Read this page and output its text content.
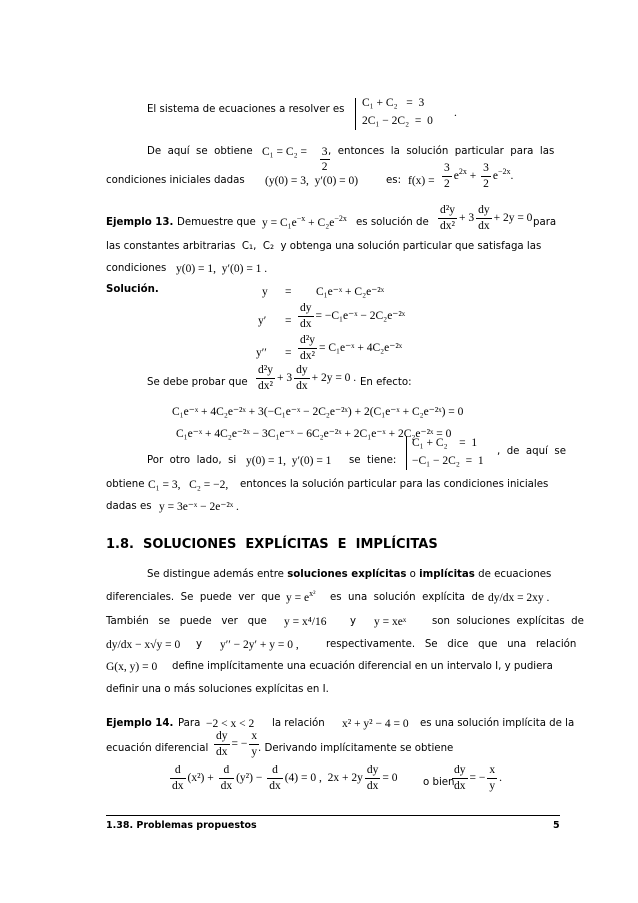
El sistema de ecuaciones a resolver es
C₁ + C₂   =  3
2C₁ − 2C₂  =  0
.
De  aquí  se  obtiene C₁ = C₂ =

$\frac{3}{2}$

,  entonces  la  solución  particular  para  las
condiciones iniciales dadas (y(0) = 3,  y′(0) = 0)	es: $f(x) = \frac{3}{2} e^{2x} + \frac{3}{2} e^{-2x}$.
Ejemplo 13. Demuestre que $y = C_1e^{-x} + C_2e^{-2x}$ es solución de $\frac{\text{d²y}}{\text{dx²}} + 3 \frac{dy}{dx} + 2y = 0$ para
las constantes arbitrarias  C₁,  C₂  y obtenga una solución particular que satisfaga las
condiciones y(0) = 1,  y′(0) = 1 .
Solución.	y = C₁e⁻ˣ + C₂e⁻²ˣ
$y' = \frac{dy}{dx}$ = −C₁e⁻ˣ − 2C₂e⁻²ˣ
$y'' = \frac{\text{d²y}}{\text{dx²}}$ = C₁e⁻ˣ + 4C₂e⁻²ˣ
Se debe probar que $\frac{\text{d²y}}{\text{dx²}} + 3 \frac{dy}{dx} + 2y = 0$ . En efecto:
C₁e⁻ˣ + 4C₂e⁻²ˣ + 3(−C₁e⁻ˣ − 2C₂e⁻²ˣ) + 2(C₁e⁻ˣ + C₂e⁻²ˣ) = 0
C₁e⁻ˣ + 4C₂e⁻²ˣ − 3C₁e⁻ˣ − 6C₂e⁻²ˣ + 2C₁e⁻ˣ + 2C₂e⁻²ˣ = 0
Por  otro  lado,  si y(0) = 1,  y′(0) = 1 se  tiene:
C₁ + C₂    =  1
−C₁ − 2C₂  =  1
,  de  aquí  se
obtiene C₁ = 3,   C₂ = −2, entonces la solución particular para las condiciones iniciales
dadas es y = 3e⁻ˣ − 2e⁻²ˣ .
1.8.  SOLUCIONES  EXPLÍCITAS  E  IMPLÍCITAS
Se distingue además entre soluciones explícitas o implícitas de ecuaciones
diferenciales.  Se  puede  ver  que $y = e^{x^2}$ es  una  solución  explícita  de dy/dx = 2xy .
También   se   puede   ver   que y = x⁴/16 y y = xeˣ	son  soluciones  explícitas  de
dy/dx − x√y = 0 y y′′ − 2y′ + y = 0 ,	respectivamente.   Se   dice   que   una   relación
G(x, y) = 0 define implícitamente una ecuación diferencial en un intervalo I, y pudiera
definir una o más soluciones explícitas en I.
Ejemplo 14. Para −2 < x < 2 la relación x² + y² − 4 = 0 es una solución implícita de la
ecuación diferencial $\frac{dy}{dx}$ = − $\frac{x}{y}$
. Derivando implícitamente se obtiene
$\frac{d}{dx} (x^2) + \frac{d}{dx} (y^2) - \frac{d}{dx} (4) = 0$ ,  $2x + 2y \frac{dy}{dx} = 0$	o bien
$\frac{dy}{dx}$ = − $\frac{x}{y}$ .
1.38. Problemas propuestos	5
